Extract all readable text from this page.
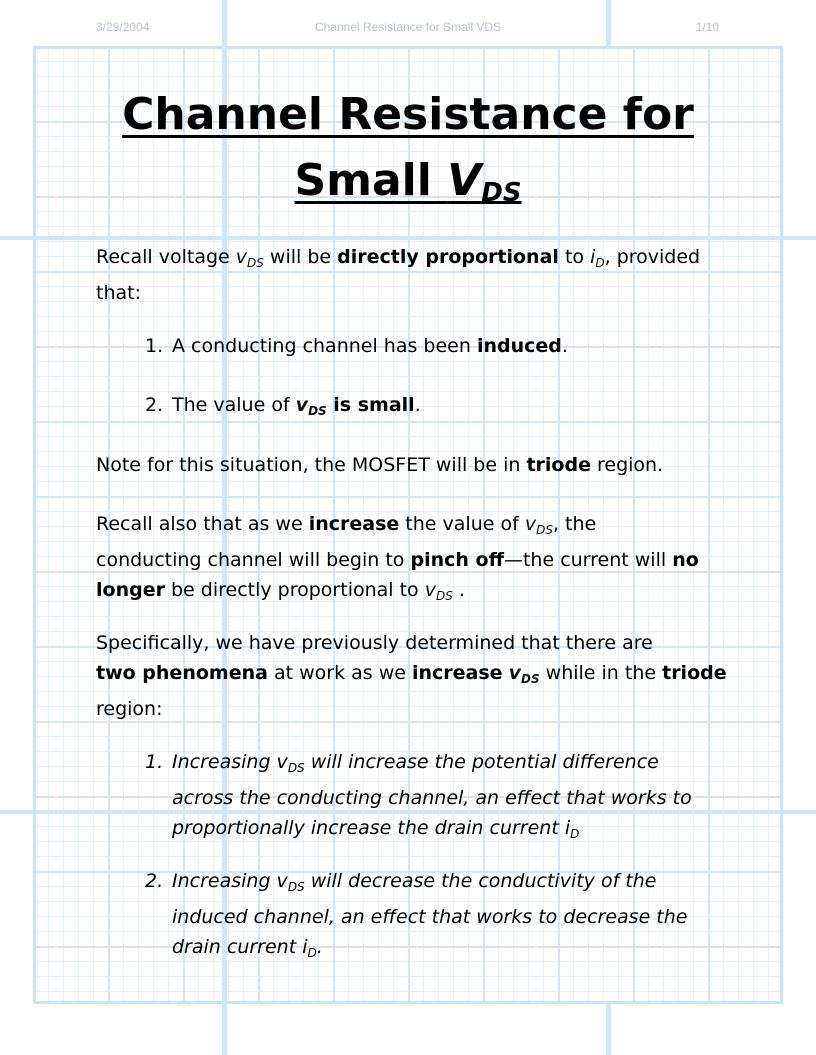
3/29/2004	Channel Resistance for Small VDS	1/10
Channel Resistance for
Small $V_{DS}$
Recall voltage $v_{DS}$ will be directly proportional to $i_D$, provided
that:
1. A conducting channel has been induced.
2. The value of $v_{DS}$ is small.
Note for this situation, the MOSFET will be in triode region.
Recall also that as we increase the value of $v_{DS}$, the
conducting channel will begin to pinch off—the current will no
longer be directly proportional to $v_{DS}$ .
Specifically, we have previously determined that there are
two phenomena at work as we increase $v_{DS}$ while in the triode
region:
1. Increasing $v_{DS}$ will increase the potential difference
across the conducting channel, an effect that works to
proportionally increase the drain current $i_D$
2. Increasing $v_{DS}$ will decrease the conductivity of the
induced channel, an effect that works to decrease the
drain current $i_D$.
